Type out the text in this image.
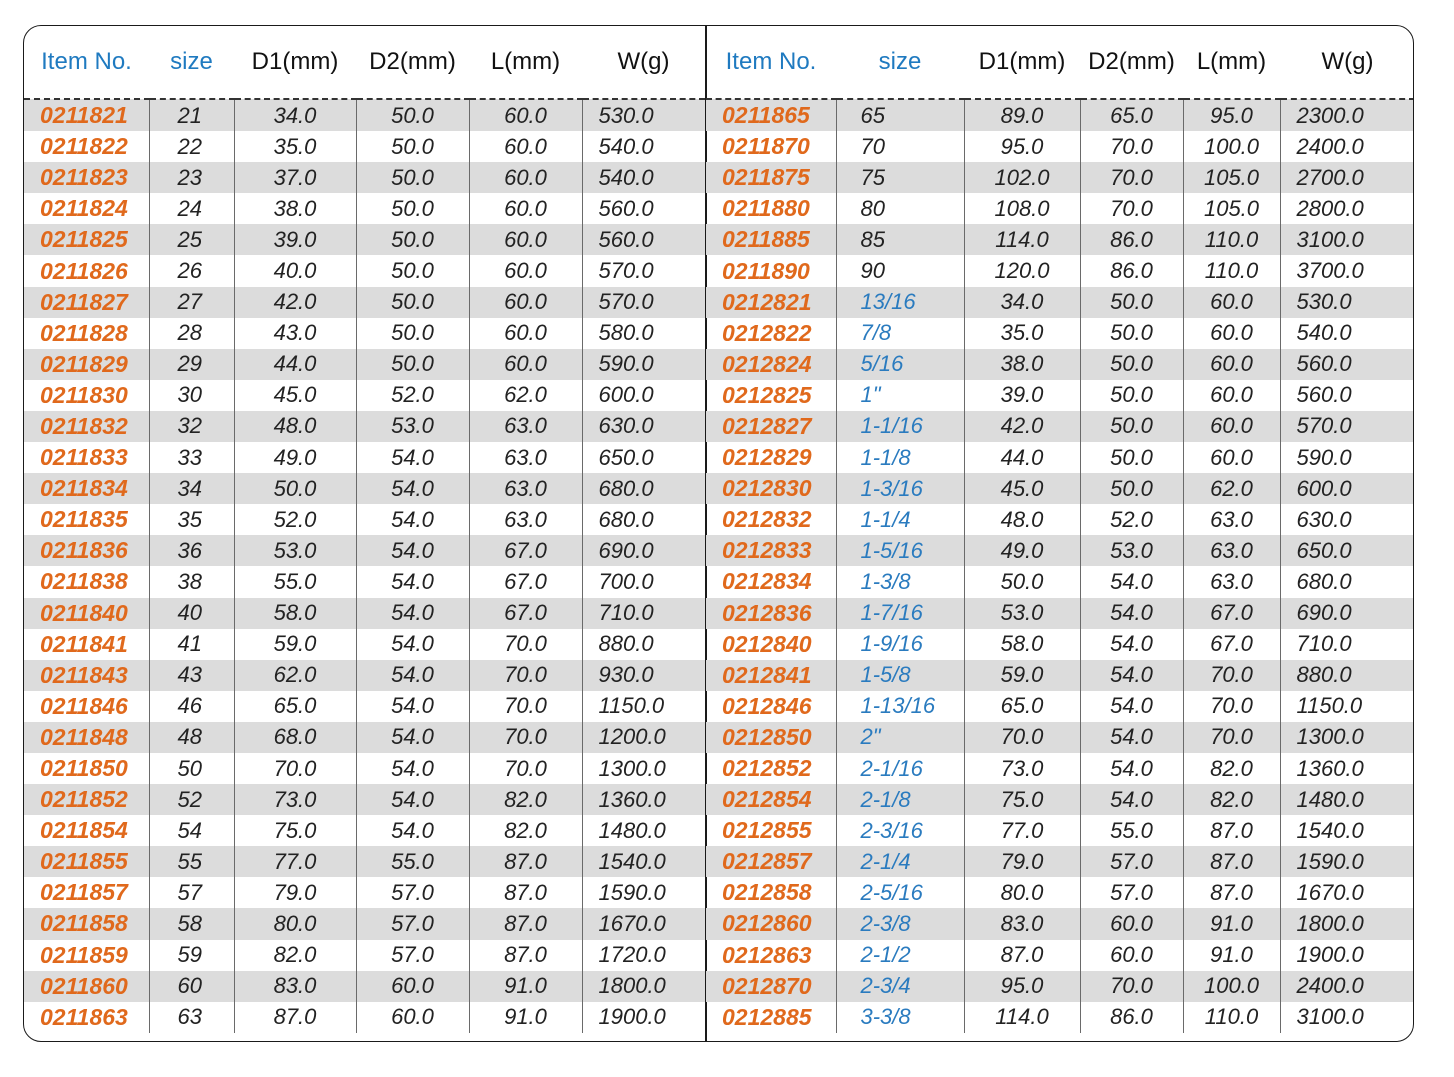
Item No.	size	D1(mm)	D2(mm)	L(mm)	W(g)
0211821	21	34.0	50.0	60.0	530.0
0211822	22	35.0	50.0	60.0	540.0
0211823	23	37.0	50.0	60.0	540.0
0211824	24	38.0	50.0	60.0	560.0
0211825	25	39.0	50.0	60.0	560.0
0211826	26	40.0	50.0	60.0	570.0
0211827	27	42.0	50.0	60.0	570.0
0211828	28	43.0	50.0	60.0	580.0
0211829	29	44.0	50.0	60.0	590.0
0211830	30	45.0	52.0	62.0	600.0
0211832	32	48.0	53.0	63.0	630.0
0211833	33	49.0	54.0	63.0	650.0
0211834	34	50.0	54.0	63.0	680.0
0211835	35	52.0	54.0	63.0	680.0
0211836	36	53.0	54.0	67.0	690.0
0211838	38	55.0	54.0	67.0	700.0
0211840	40	58.0	54.0	67.0	710.0
0211841	41	59.0	54.0	70.0	880.0
0211843	43	62.0	54.0	70.0	930.0
0211846	46	65.0	54.0	70.0	1150.0
0211848	48	68.0	54.0	70.0	1200.0
0211850	50	70.0	54.0	70.0	1300.0
0211852	52	73.0	54.0	82.0	1360.0
0211854	54	75.0	54.0	82.0	1480.0
0211855	55	77.0	55.0	87.0	1540.0
0211857	57	79.0	57.0	87.0	1590.0
0211858	58	80.0	57.0	87.0	1670.0
0211859	59	82.0	57.0	87.0	1720.0
0211860	60	83.0	60.0	91.0	1800.0
0211863	63	87.0	60.0	91.0	1900.0
Item No.	size	D1(mm)	D2(mm)	L(mm)	W(g)
0211865	65	89.0	65.0	95.0	2300.0
0211870	70	95.0	70.0	100.0	2400.0
0211875	75	102.0	70.0	105.0	2700.0
0211880	80	108.0	70.0	105.0	2800.0
0211885	85	114.0	86.0	110.0	3100.0
0211890	90	120.0	86.0	110.0	3700.0
0212821	13/16	34.0	50.0	60.0	530.0
0212822	7/8	35.0	50.0	60.0	540.0
0212824	5/16	38.0	50.0	60.0	560.0
0212825	1"	39.0	50.0	60.0	560.0
0212827	1-1/16	42.0	50.0	60.0	570.0
0212829	1-1/8	44.0	50.0	60.0	590.0
0212830	1-3/16	45.0	50.0	62.0	600.0
0212832	1-1/4	48.0	52.0	63.0	630.0
0212833	1-5/16	49.0	53.0	63.0	650.0
0212834	1-3/8	50.0	54.0	63.0	680.0
0212836	1-7/16	53.0	54.0	67.0	690.0
0212840	1-9/16	58.0	54.0	67.0	710.0
0212841	1-5/8	59.0	54.0	70.0	880.0
0212846	1-13/16	65.0	54.0	70.0	1150.0
0212850	2"	70.0	54.0	70.0	1300.0
0212852	2-1/16	73.0	54.0	82.0	1360.0
0212854	2-1/8	75.0	54.0	82.0	1480.0
0212855	2-3/16	77.0	55.0	87.0	1540.0
0212857	2-1/4	79.0	57.0	87.0	1590.0
0212858	2-5/16	80.0	57.0	87.0	1670.0
0212860	2-3/8	83.0	60.0	91.0	1800.0
0212863	2-1/2	87.0	60.0	91.0	1900.0
0212870	2-3/4	95.0	70.0	100.0	2400.0
0212885	3-3/8	114.0	86.0	110.0	3100.0
